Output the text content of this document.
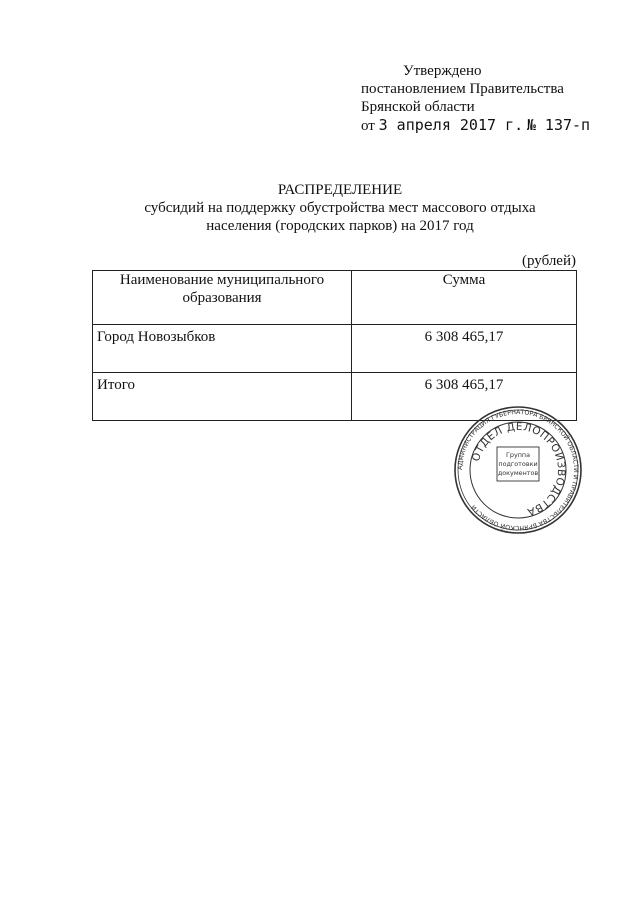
Утверждено
постановлением Правительства
Брянской области
от 3 апреля 2017 г. № 137-п
РАСПРЕДЕЛЕНИЕ
субсидий на поддержку обустройства мест массового отдыха
населения (городских парков) на 2017 год
(рублей)
Наименование муниципального образования	Сумма
Город Новозыбков	6 308 465,17
Итого	6 308 465,17
АДМИНИСТРАЦИЯ ГУБЕРНАТОРА БРЯНСКОЙ ОБЛАСТИ И ПРАВИТЕЛЬСТВА БРЯНСКОЙ ОБЛАСТИ
ОТДЕЛ ДЕЛОПРОИЗВОДСТВА
Группа
подготовки
документов
